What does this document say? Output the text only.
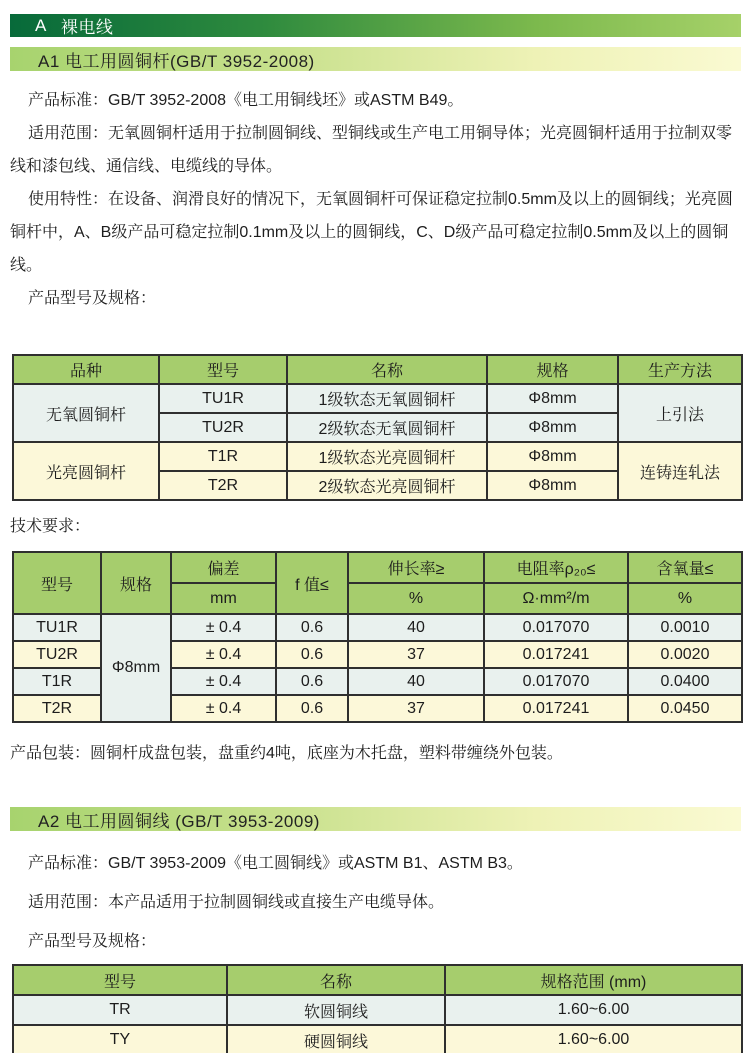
A 裸电线
A1 电工用圆铜杆(GB/T 3952-2008)

产品标准：GB/T 3952-2008《电工用铜线坯》或ASTM B49。

适用范围：无氧圆铜杆适用于拉制圆铜线、型铜线或生产电工用铜导体；光亮圆铜杆适用于拉制双零线和漆包线、通信线、电缆线的导体。

使用特性：在设备、润滑良好的情况下，无氧圆铜杆可保证稳定拉制0.5mm及以上的圆铜线；光亮圆铜杆中，A、B级产品可稳定拉制0.1mm及以上的圆铜线，C、D级产品可稳定拉制0.5mm及以上的圆铜线。

产品型号及规格：

品种	型号	名称	规格	生产方法
无氧圆铜杆	TU1R	1级软态无氧圆铜杆	Φ8mm	上引法
	TU2R	2级软态无氧圆铜杆	Φ8mm	
光亮圆铜杆	T1R	1级软态光亮圆铜杆	Φ8mm	连铸连轧法
	T2R	2级软态光亮圆铜杆	Φ8mm	

技术要求：

型号	规格	偏差	f 值≤	伸长率≥	电阻率ρ₂₀≤	含氧量≤
		mm		%	Ω·mm²/m	%
TU1R	Φ8mm	± 0.4	0.6	40	0.017070	0.0010
TU2R		± 0.4	0.6	37	0.017241	0.0020
T1R		± 0.4	0.6	40	0.017070	0.0400
T2R		± 0.4	0.6	37	0.017241	0.0450

产品包装：圆铜杆成盘包装，盘重约4吨，底座为木托盘，塑料带缠绕外包装。

A2 电工用圆铜线 (GB/T 3953-2009)

产品标准：GB/T 3953-2009《电工圆铜线》或ASTM B1、ASTM B3。

适用范围：本产品适用于拉制圆铜线或直接生产电缆导体。

产品型号及规格：

型号	名称	规格范围 (mm)
TR	软圆铜线	1.60~6.00
TY	硬圆铜线	1.60~6.00
